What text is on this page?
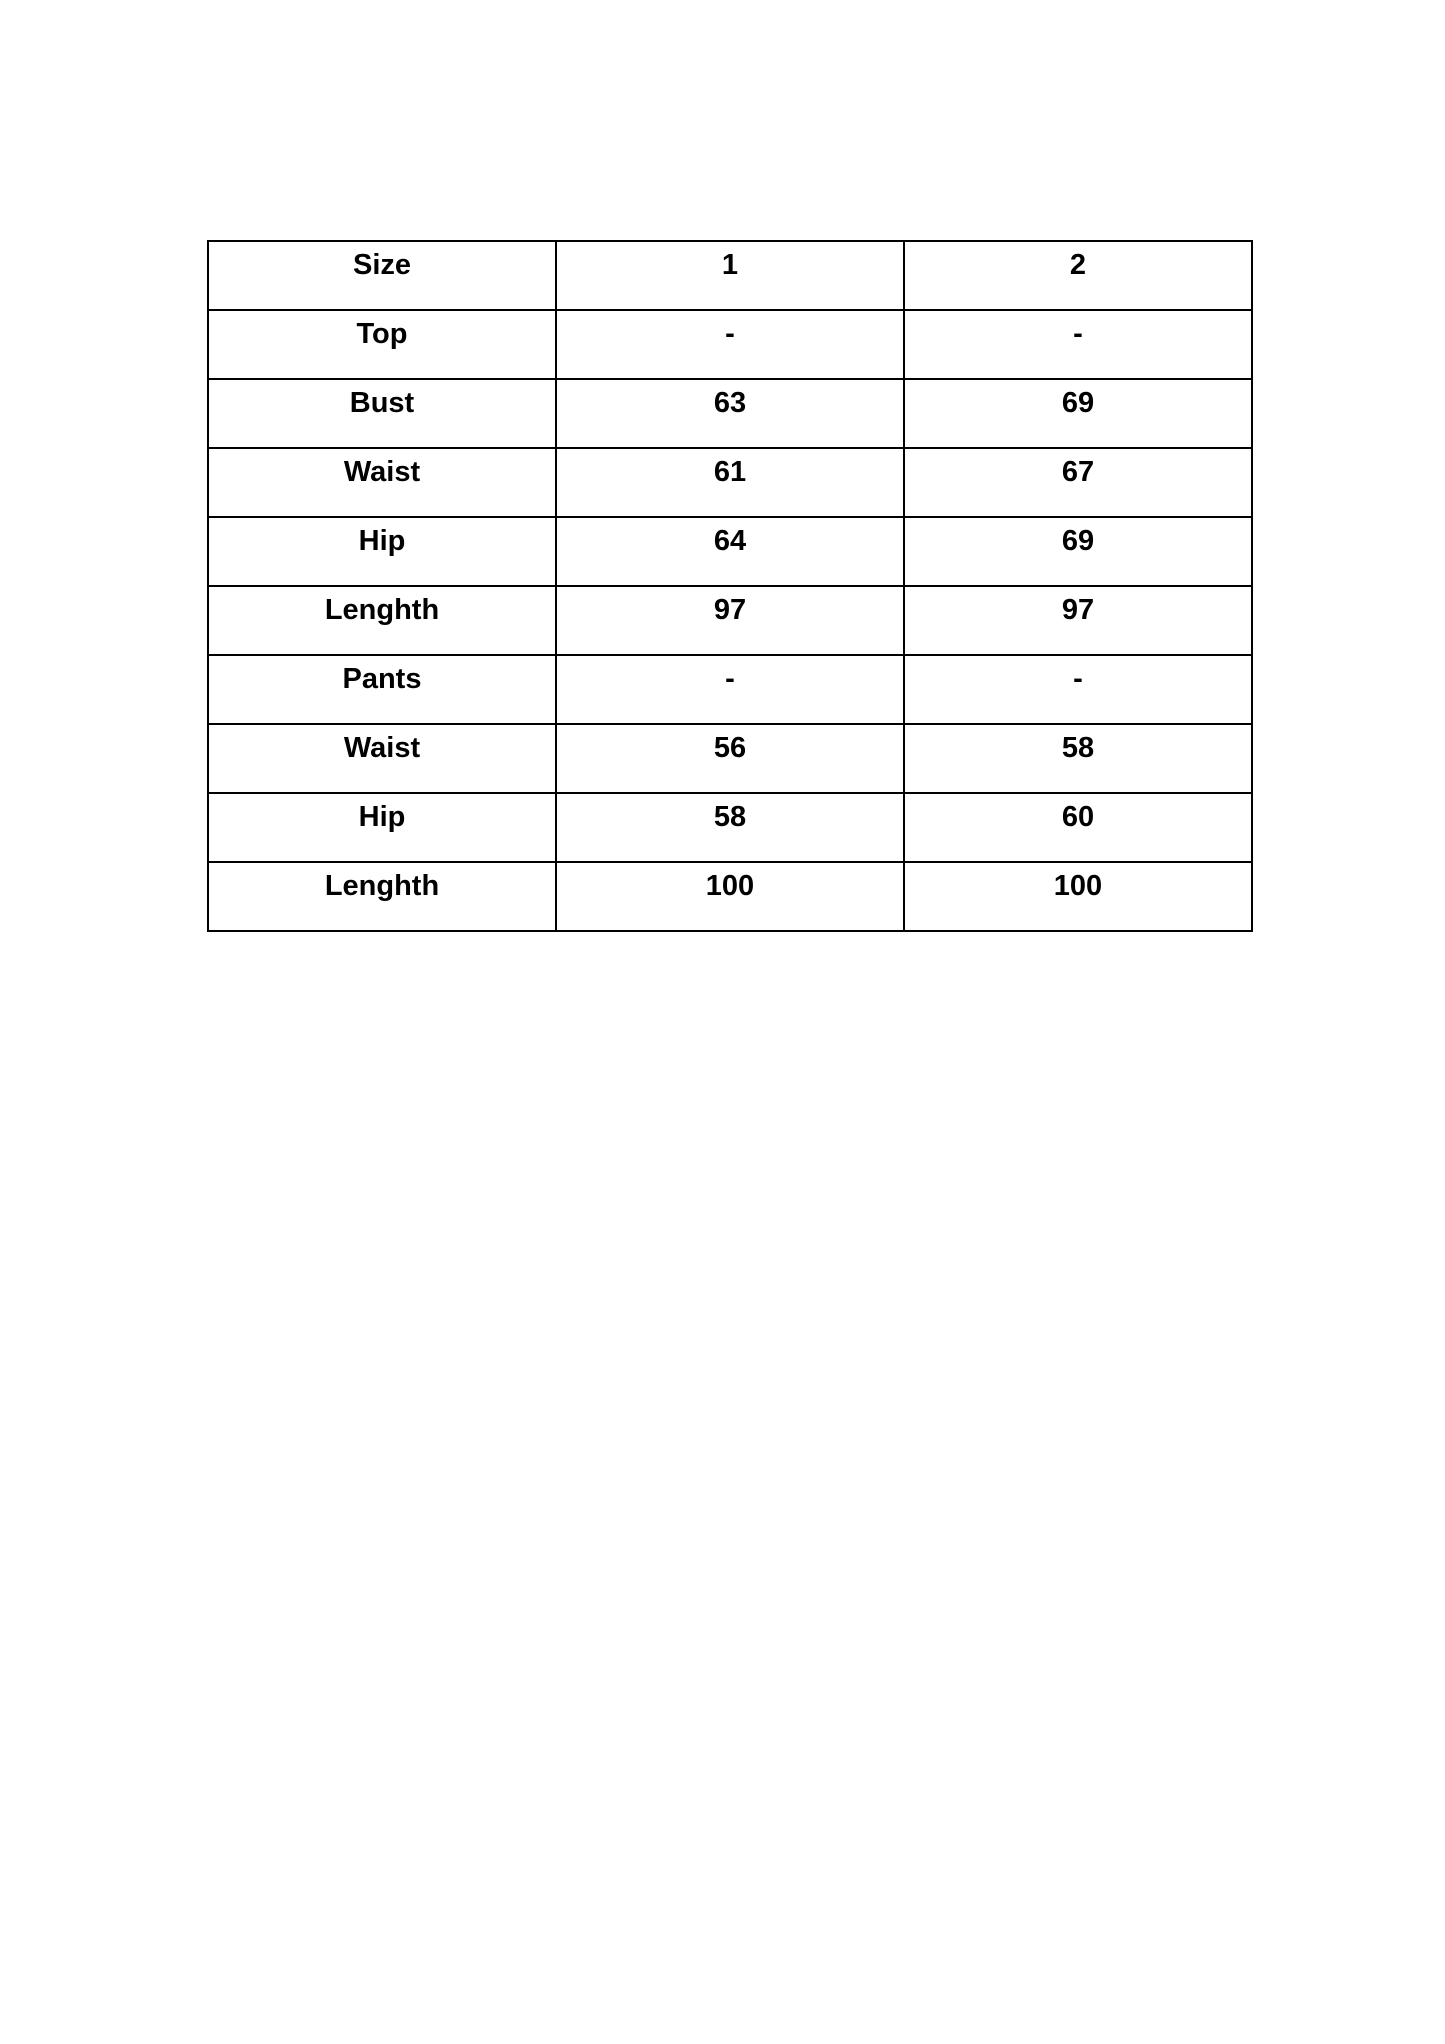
Size	1	2
Top	-	-
Bust	63	69
Waist	61	67
Hip	64	69
Lenghth	97	97
Pants	-	-
Waist	56	58
Hip	58	60
Lenghth	100	100
